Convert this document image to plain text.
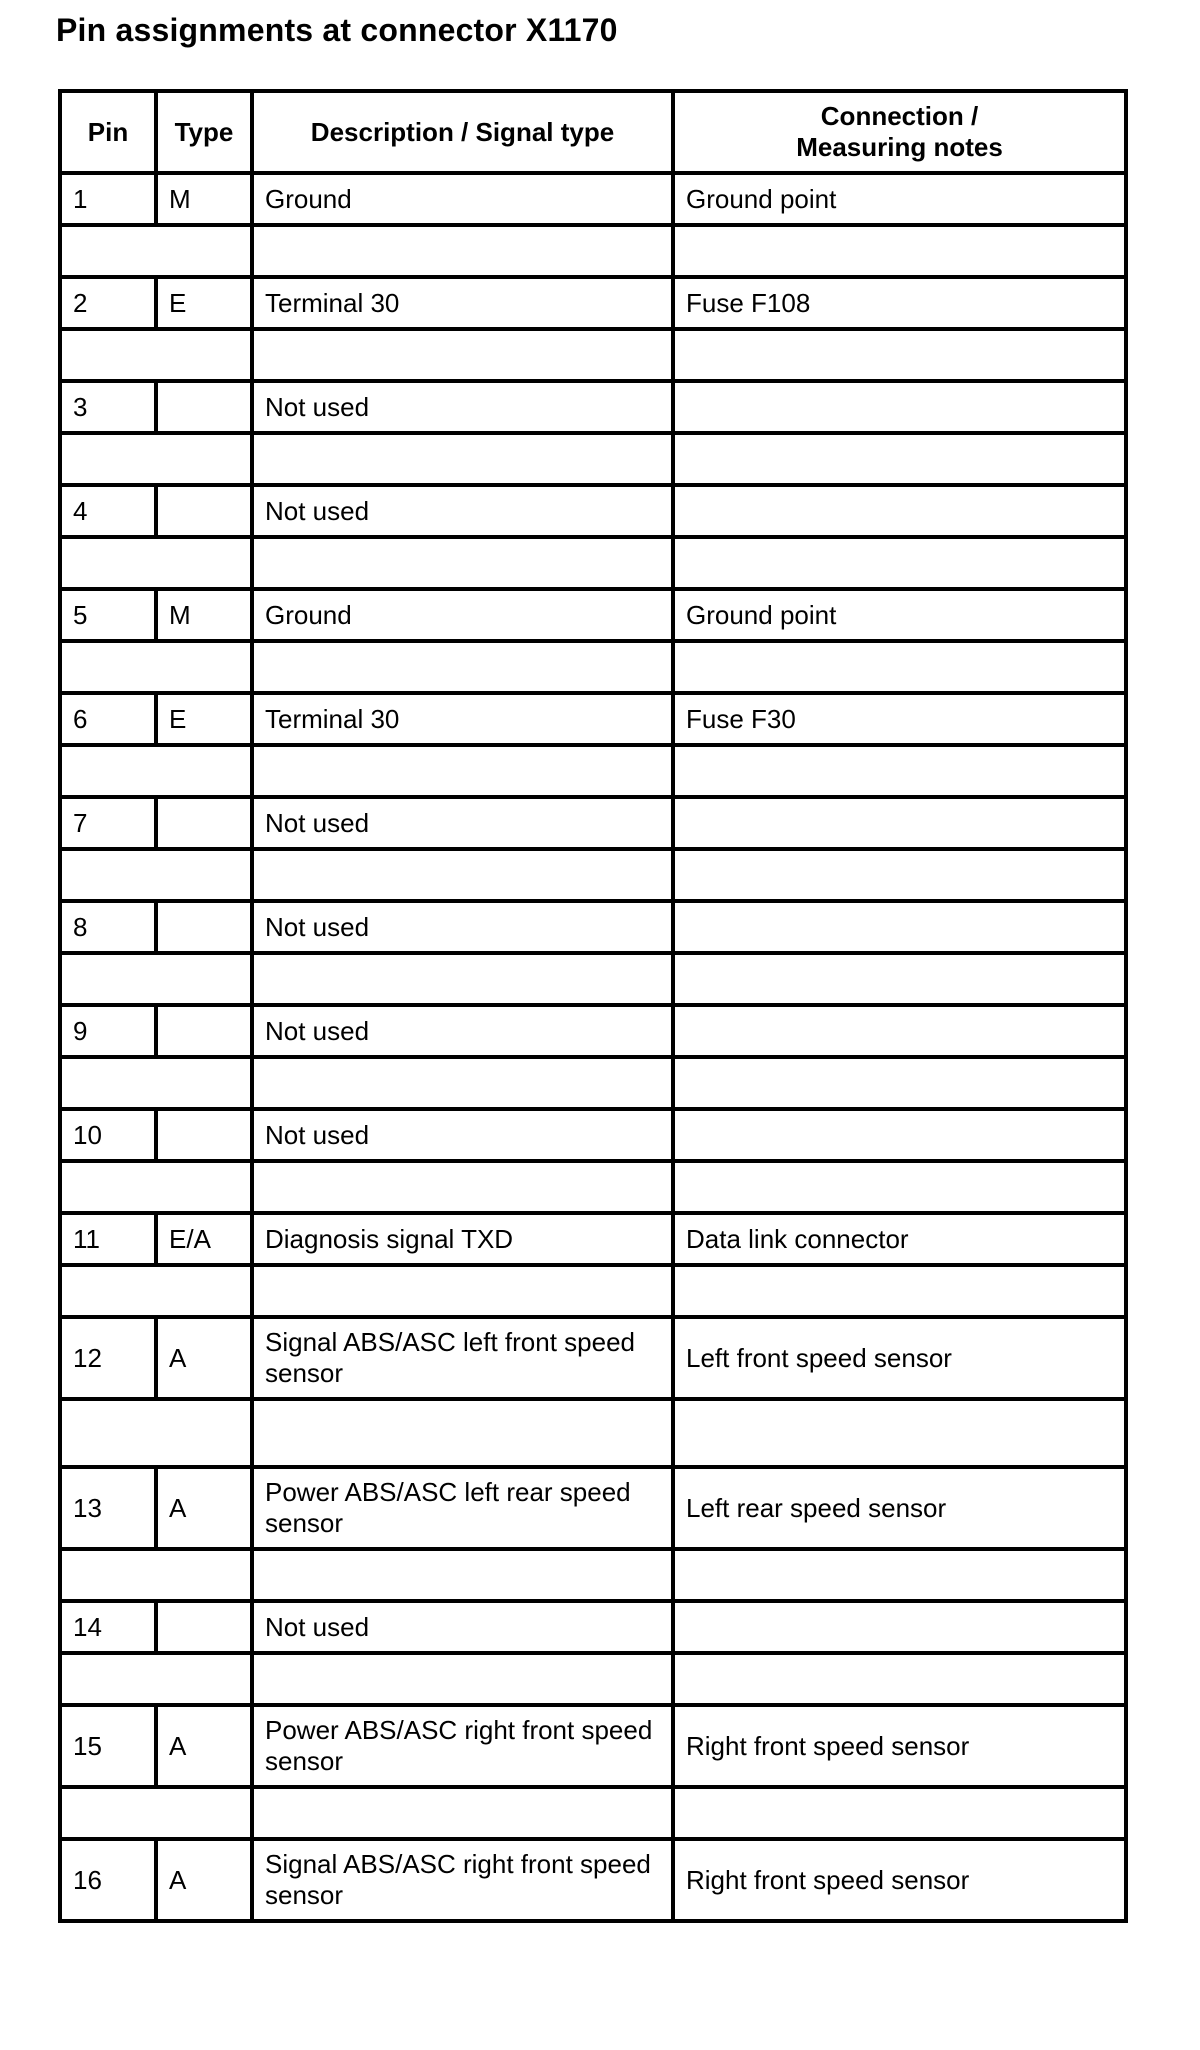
Pin assignments at connector X1170
Pin	Type	Description / Signal type	Connection /
Measuring notes
1	M	Ground	Ground point

2	E	Terminal 30	Fuse F108

3		Not used	

4		Not used	

5	M	Ground	Ground point

6	E	Terminal 30	Fuse F30

7		Not used	

8		Not used	

9		Not used	

10		Not used	

11	E/A	Diagnosis signal TXD	Data link connector

12	A	Signal ABS/ASC left front speed sensor	Left front speed sensor

13	A	Power ABS/ASC left rear speed sensor	Left rear speed sensor

14		Not used	

15	A	Power ABS/ASC right front speed sensor	Right front speed sensor

16	A	Signal ABS/ASC right front speed sensor	Right front speed sensor
